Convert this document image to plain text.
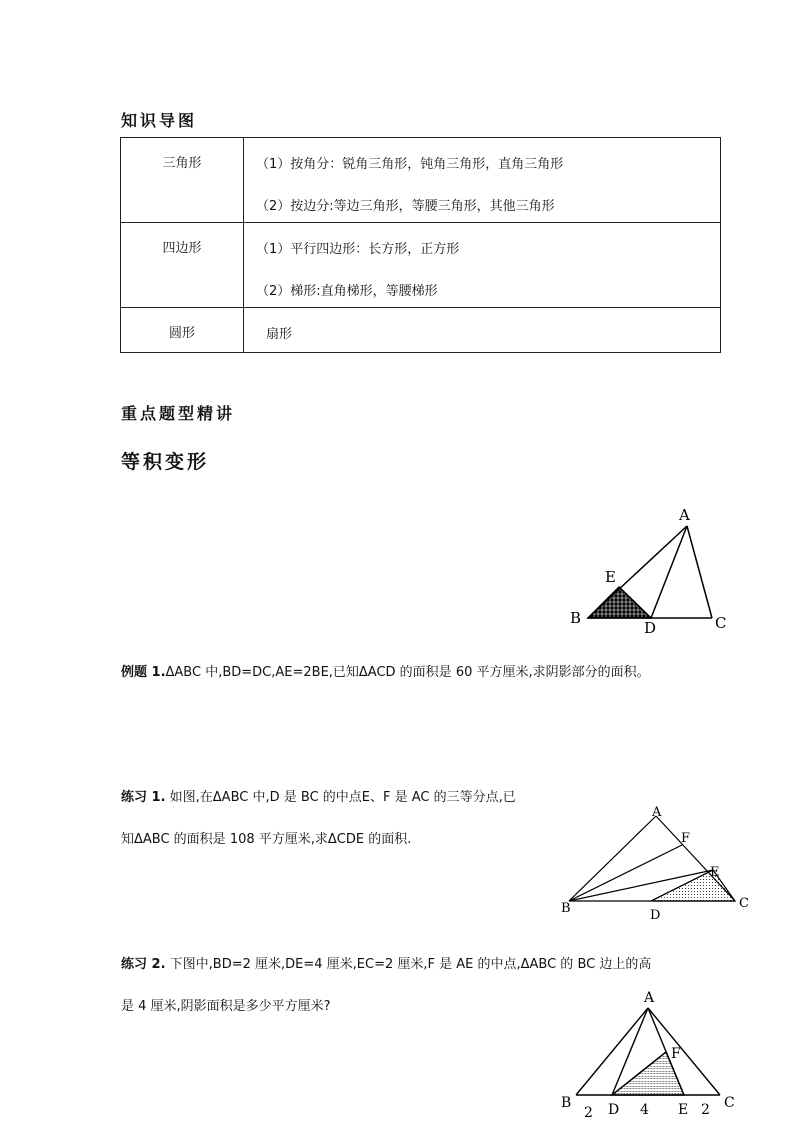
知识导图
三角形	（1）按角分：锐角三角形，钝角三角形，直角三角形
（2）按边分:等边三角形，等腰三角形，其他三角形

四边形	（1）平行四边形：长方形，正方形
（2）梯形:直角梯形，等腰梯形

圆形	扇形
重点题型精讲
等积变形
A
E
B
D	C
例题 1.ΔABC 中,BD=DC,AE=2BE,已知ΔACD 的面积是 60 平方厘米,求阴影部分的面积。
练习 1. 如图,在ΔABC 中,D 是 BC 的中点E、F 是 AC 的三等分点,已
知ΔABC 的面积是 108 平方厘米,求ΔCDE 的面积.
A
F
E
B	D
C
练习 2. 下图中,BD=2 厘米,DE=4 厘米,EC=2 厘米,F 是 AE 的中点,ΔABC 的 BC 边上的高
是 4 厘米,阴影面积是多少平方厘米?
A
F
B
2 D 4 E 2 C
